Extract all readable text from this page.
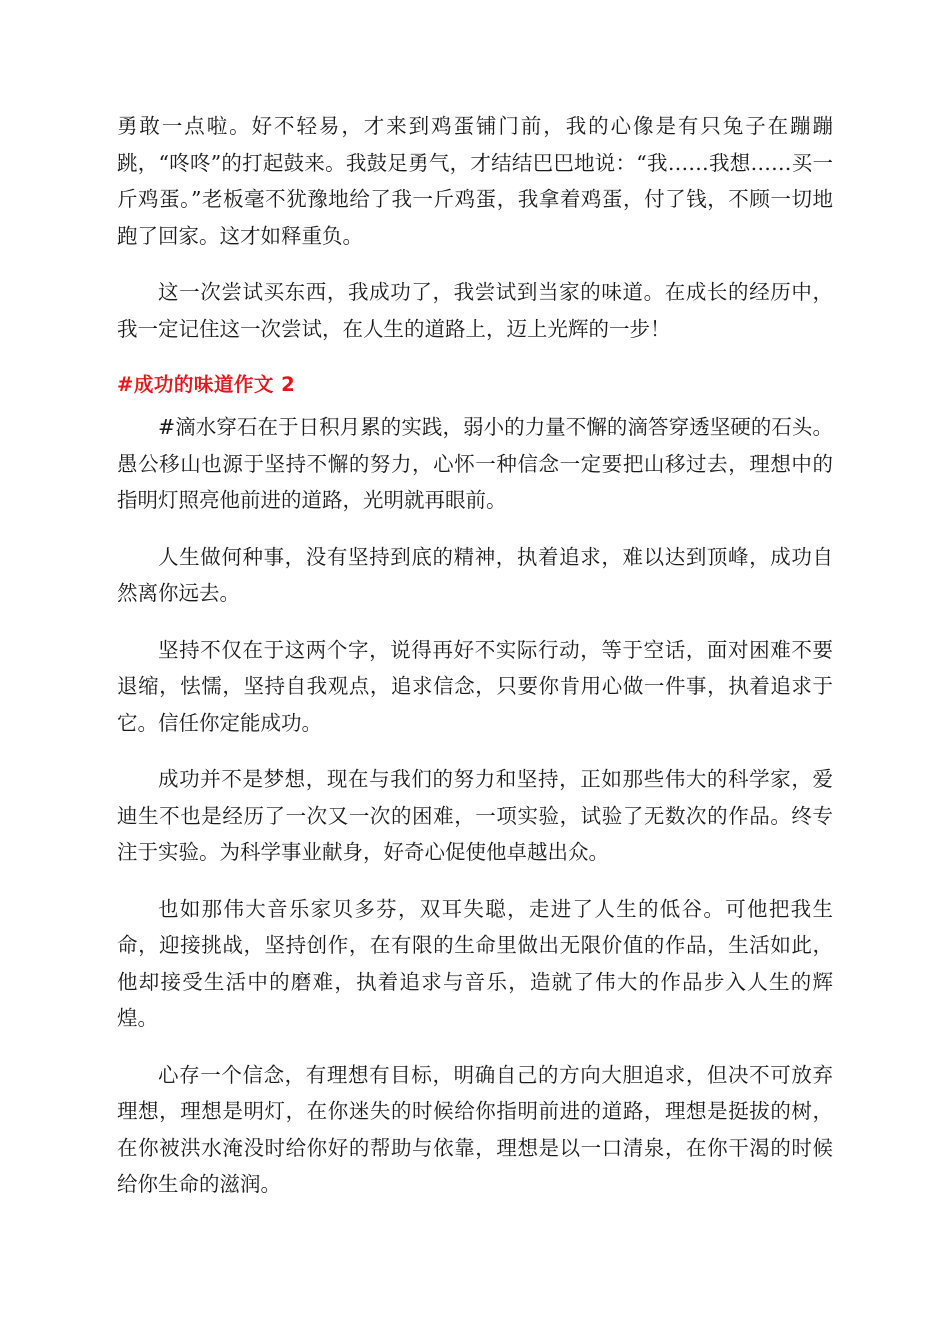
勇敢一点啦。好不轻易，才来到鸡蛋铺门前，我的心像是有只兔子在蹦蹦跳，“咚咚”的打起鼓来。我鼓足勇气，才结结巴巴地说：“我……我想……买一斤鸡蛋。”老板毫不犹豫地给了我一斤鸡蛋，我拿着鸡蛋，付了钱，不顾一切地跑了回家。这才如释重负。

这一次尝试买东西，我成功了，我尝试到当家的味道。在成长的经历中，我一定记住这一次尝试，在人生的道路上，迈上光辉的一步！

#成功的味道作文 2

#滴水穿石在于日积月累的实践，弱小的力量不懈的滴答穿透坚硬的石头。愚公移山也源于坚持不懈的努力，心怀一种信念一定要把山移过去，理想中的指明灯照亮他前进的道路，光明就再眼前。

人生做何种事，没有坚持到底的精神，执着追求，难以达到顶峰，成功自然离你远去。

坚持不仅在于这两个字，说得再好不实际行动，等于空话，面对困难不要退缩，怯懦，坚持自我观点，追求信念，只要你肯用心做一件事，执着追求于它。信任你定能成功。

成功并不是梦想，现在与我们的努力和坚持，正如那些伟大的科学家，爱迪生不也是经历了一次又一次的困难，一项实验，试验了无数次的作品。终专注于实验。为科学事业献身，好奇心促使他卓越出众。

也如那伟大音乐家贝多芬，双耳失聪，走进了人生的低谷。可他把我生命，迎接挑战，坚持创作，在有限的生命里做出无限价值的作品，生活如此，他却接受生活中的磨难，执着追求与音乐，造就了伟大的作品步入人生的辉煌。

心存一个信念，有理想有目标，明确自己的方向大胆追求，但决不可放弃理想，理想是明灯，在你迷失的时候给你指明前进的道路，理想是挺拔的树，在你被洪水淹没时给你好的帮助与依靠，理想是以一口清泉，在你干渴的时候给你生命的滋润。
